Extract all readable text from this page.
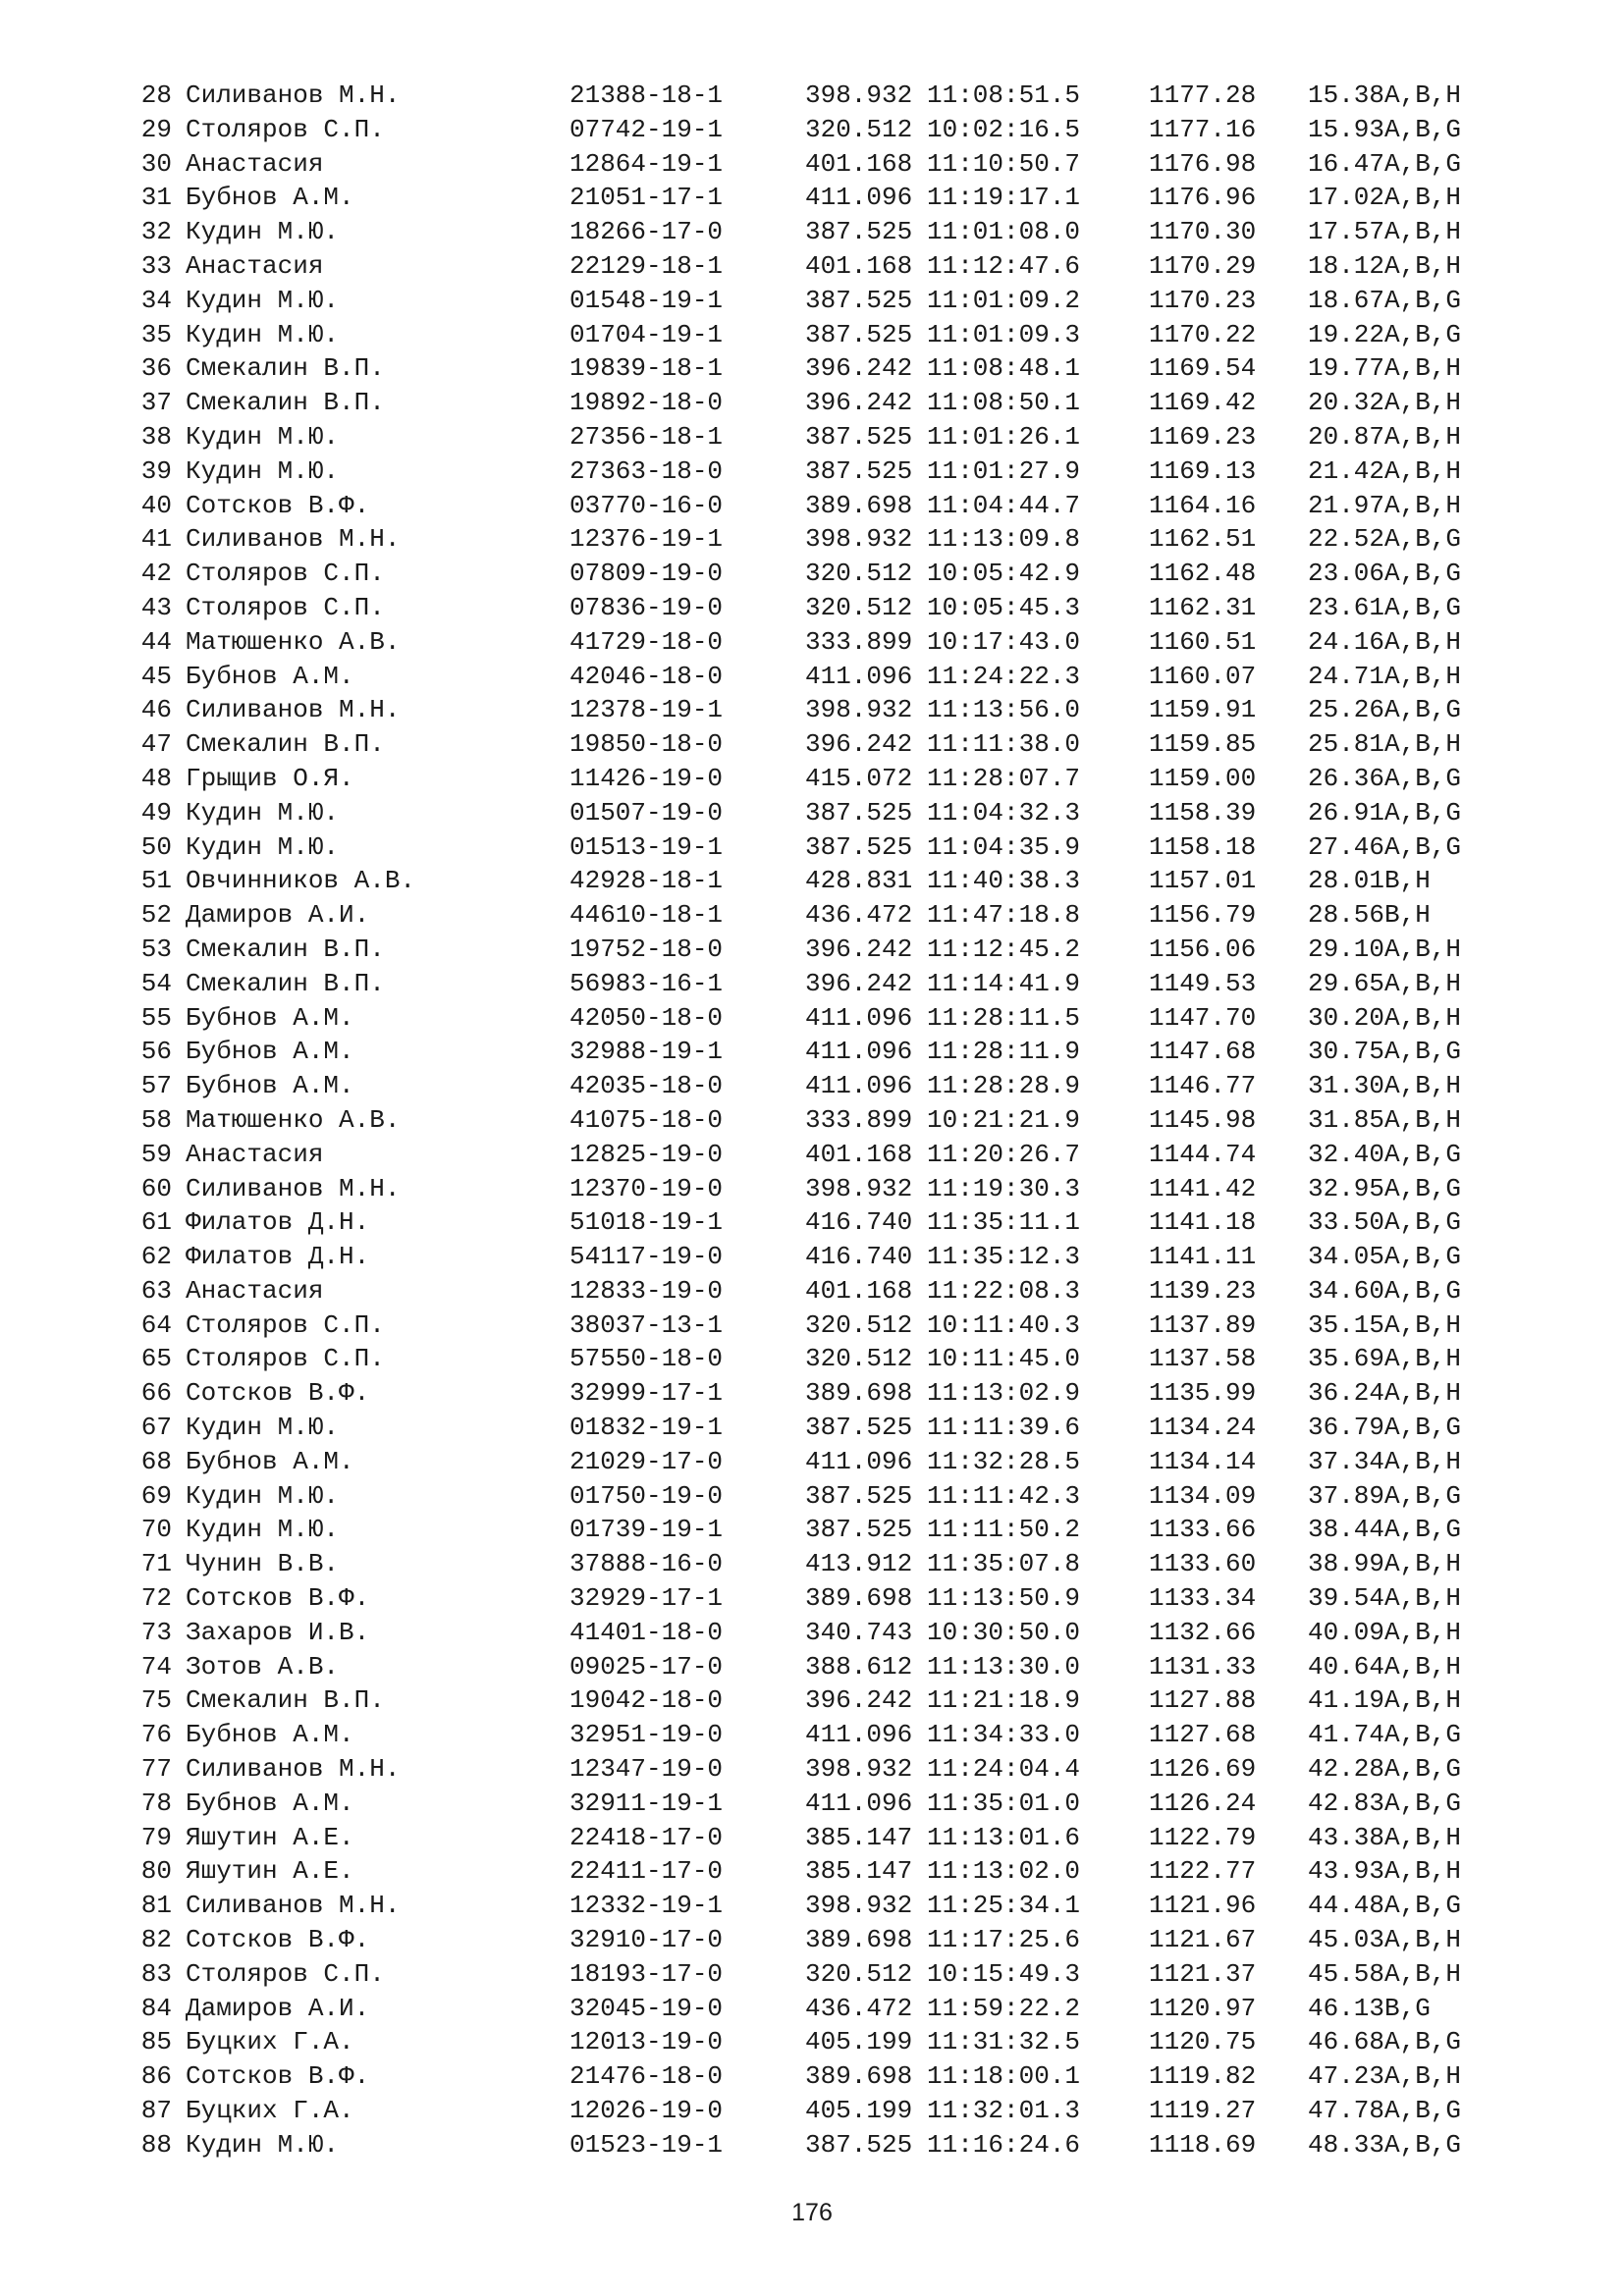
28 Силиванов М.Н.	21388-18-1	398.932 11:08:51.5	1177.28 15.38 A,B,H
29 Столяров С.П.	07742-19-1	320.512 10:02:16.5	1177.16 15.93 A,B,G
30 Анастасия	12864-19-1	401.168 11:10:50.7	1176.98 16.47 A,B,G
31 Бубнов А.М.	21051-17-1	411.096 11:19:17.1	1176.96 17.02 A,B,H
32 Кудин М.Ю.	18266-17-0	387.525 11:01:08.0	1170.30 17.57 A,B,H
33 Анастасия	22129-18-1	401.168 11:12:47.6	1170.29 18.12 A,B,H
34 Кудин М.Ю.	01548-19-1	387.525 11:01:09.2	1170.23 18.67 A,B,G
35 Кудин М.Ю.	01704-19-1	387.525 11:01:09.3	1170.22 19.22 A,B,G
36 Смекалин В.П.	19839-18-1	396.242 11:08:48.1	1169.54 19.77 A,B,H
37 Смекалин В.П.	19892-18-0	396.242 11:08:50.1	1169.42 20.32 A,B,H
38 Кудин М.Ю.	27356-18-1	387.525 11:01:26.1	1169.23 20.87 A,B,H
39 Кудин М.Ю.	27363-18-0	387.525 11:01:27.9	1169.13 21.42 A,B,H
40 Сотсков В.Ф.	03770-16-0	389.698 11:04:44.7	1164.16 21.97 A,B,H
41 Силиванов М.Н.	12376-19-1	398.932 11:13:09.8	1162.51 22.52 A,B,G
42 Столяров С.П.	07809-19-0	320.512 10:05:42.9	1162.48 23.06 A,B,G
43 Столяров С.П.	07836-19-0	320.512 10:05:45.3	1162.31 23.61 A,B,G
44 Матюшенко А.В.	41729-18-0	333.899 10:17:43.0	1160.51 24.16 A,B,H
45 Бубнов А.М.	42046-18-0	411.096 11:24:22.3	1160.07 24.71 A,B,H
46 Силиванов М.Н.	12378-19-1	398.932 11:13:56.0	1159.91 25.26 A,B,G
47 Смекалин В.П.	19850-18-0	396.242 11:11:38.0	1159.85 25.81 A,B,H
48 Грыщив О.Я.	11426-19-0	415.072 11:28:07.7	1159.00 26.36 A,B,G
49 Кудин М.Ю.	01507-19-0	387.525 11:04:32.3	1158.39 26.91 A,B,G
50 Кудин М.Ю.	01513-19-1	387.525 11:04:35.9	1158.18 27.46 A,B,G
51 Овчинников А.В.	42928-18-1	428.831 11:40:38.3	1157.01 28.01 B,H
52 Дамиров А.И.	44610-18-1	436.472 11:47:18.8	1156.79 28.56 B,H
53 Смекалин В.П.	19752-18-0	396.242 11:12:45.2	1156.06 29.10 A,B,H
54 Смекалин В.П.	56983-16-1	396.242 11:14:41.9	1149.53 29.65 A,B,H
55 Бубнов А.М.	42050-18-0	411.096 11:28:11.5	1147.70 30.20 A,B,H
56 Бубнов А.М.	32988-19-1	411.096 11:28:11.9	1147.68 30.75 A,B,G
57 Бубнов А.М.	42035-18-0	411.096 11:28:28.9	1146.77 31.30 A,B,H
58 Матюшенко А.В.	41075-18-0	333.899 10:21:21.9	1145.98 31.85 A,B,H
59 Анастасия	12825-19-0	401.168 11:20:26.7	1144.74 32.40 A,B,G
60 Силиванов М.Н.	12370-19-0	398.932 11:19:30.3	1141.42 32.95 A,B,G
61 Филатов Д.Н.	51018-19-1	416.740 11:35:11.1	1141.18 33.50 A,B,G
62 Филатов Д.Н.	54117-19-0	416.740 11:35:12.3	1141.11 34.05 A,B,G
63 Анастасия	12833-19-0	401.168 11:22:08.3	1139.23 34.60 A,B,G
64 Столяров С.П.	38037-13-1	320.512 10:11:40.3	1137.89 35.15 A,B,H
65 Столяров С.П.	57550-18-0	320.512 10:11:45.0	1137.58 35.69 A,B,H
66 Сотсков В.Ф.	32999-17-1	389.698 11:13:02.9	1135.99 36.24 A,B,H
67 Кудин М.Ю.	01832-19-1	387.525 11:11:39.6	1134.24 36.79 A,B,G
68 Бубнов А.М.	21029-17-0	411.096 11:32:28.5	1134.14 37.34 A,B,H
69 Кудин М.Ю.	01750-19-0	387.525 11:11:42.3	1134.09 37.89 A,B,G
70 Кудин М.Ю.	01739-19-1	387.525 11:11:50.2	1133.66 38.44 A,B,G
71 Чунин В.В.	37888-16-0	413.912 11:35:07.8	1133.60 38.99 A,B,H
72 Сотсков В.Ф.	32929-17-1	389.698 11:13:50.9	1133.34 39.54 A,B,H
73 Захаров И.В.	41401-18-0	340.743 10:30:50.0	1132.66 40.09 A,B,H
74 Зотов А.В.	09025-17-0	388.612 11:13:30.0	1131.33 40.64 A,B,H
75 Смекалин В.П.	19042-18-0	396.242 11:21:18.9	1127.88 41.19 A,B,H
76 Бубнов А.М.	32951-19-0	411.096 11:34:33.0	1127.68 41.74 A,B,G
77 Силиванов М.Н.	12347-19-0	398.932 11:24:04.4	1126.69 42.28 A,B,G
78 Бубнов А.М.	32911-19-1	411.096 11:35:01.0	1126.24 42.83 A,B,G
79 Яшутин А.Е.	22418-17-0	385.147 11:13:01.6	1122.79 43.38 A,B,H
80 Яшутин А.Е.	22411-17-0	385.147 11:13:02.0	1122.77 43.93 A,B,H
81 Силиванов М.Н.	12332-19-1	398.932 11:25:34.1	1121.96 44.48 A,B,G
82 Сотсков В.Ф.	32910-17-0	389.698 11:17:25.6	1121.67 45.03 A,B,H
83 Столяров С.П.	18193-17-0	320.512 10:15:49.3	1121.37 45.58 A,B,H
84 Дамиров А.И.	32045-19-0	436.472 11:59:22.2	1120.97 46.13 B,G
85 Буцких Г.А.	12013-19-0	405.199 11:31:32.5	1120.75 46.68 A,B,G
86 Сотсков В.Ф.	21476-18-0	389.698 11:18:00.1	1119.82 47.23 A,B,H
87 Буцких Г.А.	12026-19-0	405.199 11:32:01.3	1119.27 47.78 A,B,G
88 Кудин М.Ю.	01523-19-1	387.525 11:16:24.6	1118.69 48.33 A,B,G
176
